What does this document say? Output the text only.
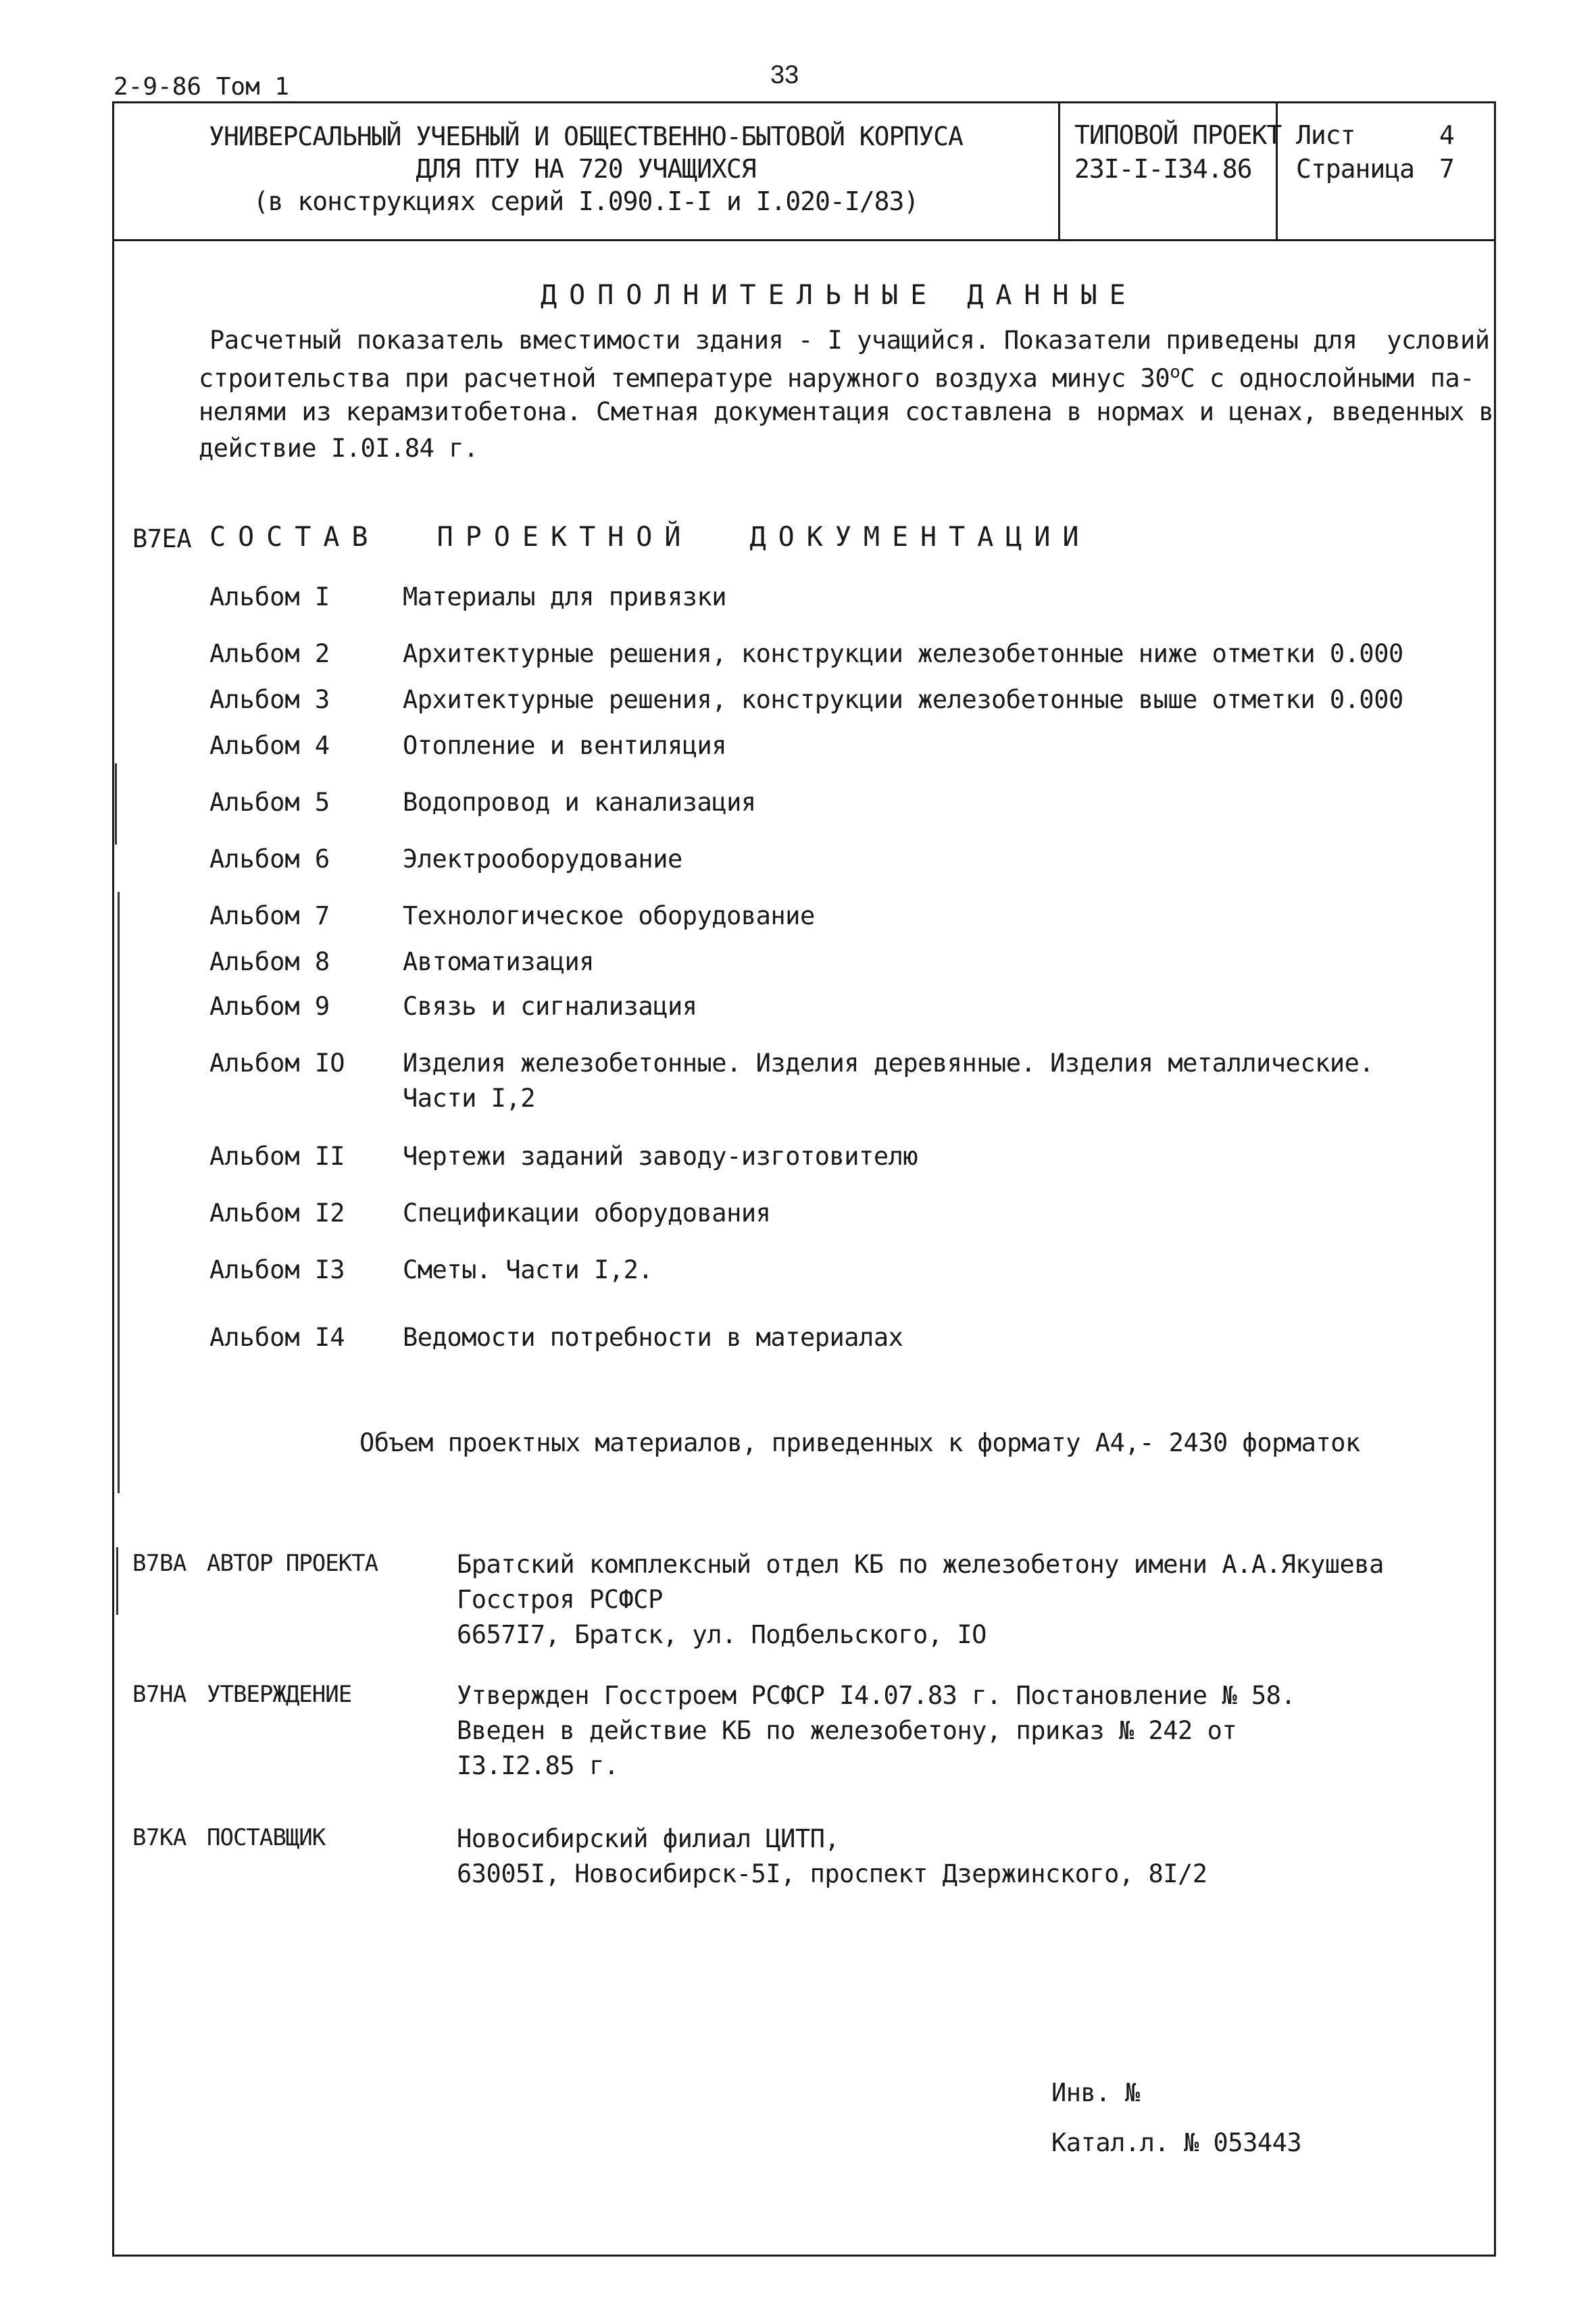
2-9-86 Том 1	33
УНИВЕРСАЛЬНЫЙ УЧЕБНЫЙ И ОБЩЕСТВЕННО-БЫТОВОЙ КОРПУСА
ДЛЯ ПТУ НА 720 УЧАЩИХСЯ
(в конструкциях серий I.090.I-I и I.020-I/83)
ТИПОВОЙ ПРОЕКТ
23I-I-I34.86
Лист	4
Страница 7
ДОПОЛНИТЕЛЬНЫЕ ДАННЫЕ
Расчетный показатель вместимости здания - I учащийся. Показатели приведены для  условий
строительства при расчетной температуре наружного воздуха минус 30$^o$С с однослойными па-
нелями из керамзитобетона. Сметная документация составлена в нормах и ценах, введенных в
действие I.0I.84 г.
В7ЕА СОСТАВ  ПРОЕКТНОЙ  ДОКУМЕНТАЦИИ
Альбом I	Материалы для привязки
Альбом 2	Архитектурные решения, конструкции железобетонные ниже отметки 0.000
Альбом 3	Архитектурные решения, конструкции железобетонные выше отметки 0.000
Альбом 4	Отопление и вентиляция
Альбом 5	Водопровод и канализация
Альбом 6	Электрооборудование
Альбом 7	Технологическое оборудование
Альбом 8	Автоматизация
Альбом 9	Связь и сигнализация
Альбом IO Изделия железобетонные. Изделия деревянные. Изделия металлические.
Части I,2
Альбом II Чертежи заданий заводу-изготовителю
Альбом I2 Спецификации оборудования
Альбом I3 Сметы. Части I,2.
Альбом I4 Ведомости потребности в материалах
Объем проектных материалов, приведенных к формату А4,- 2430 форматок
В7ВА АВТОР ПРОЕКТА	Братский комплексный отдел КБ по железобетону имени А.А.Якушева
Госстроя РСФСР
6657I7, Братск, ул. Подбельского, IO
В7НА УТВЕРЖДЕНИЕ	Утвержден Госстроем РСФСР I4.07.83 г. Постановление № 58.
Введен в действие КБ по железобетону, приказ № 242 от
I3.I2.85 г.
В7КА ПОСТАВЩИК	Новосибирский филиал ЦИТП,
63005I, Новосибирск-5I, проспект Дзержинского, 8I/2
Инв. №
Катал.л. № 053443
